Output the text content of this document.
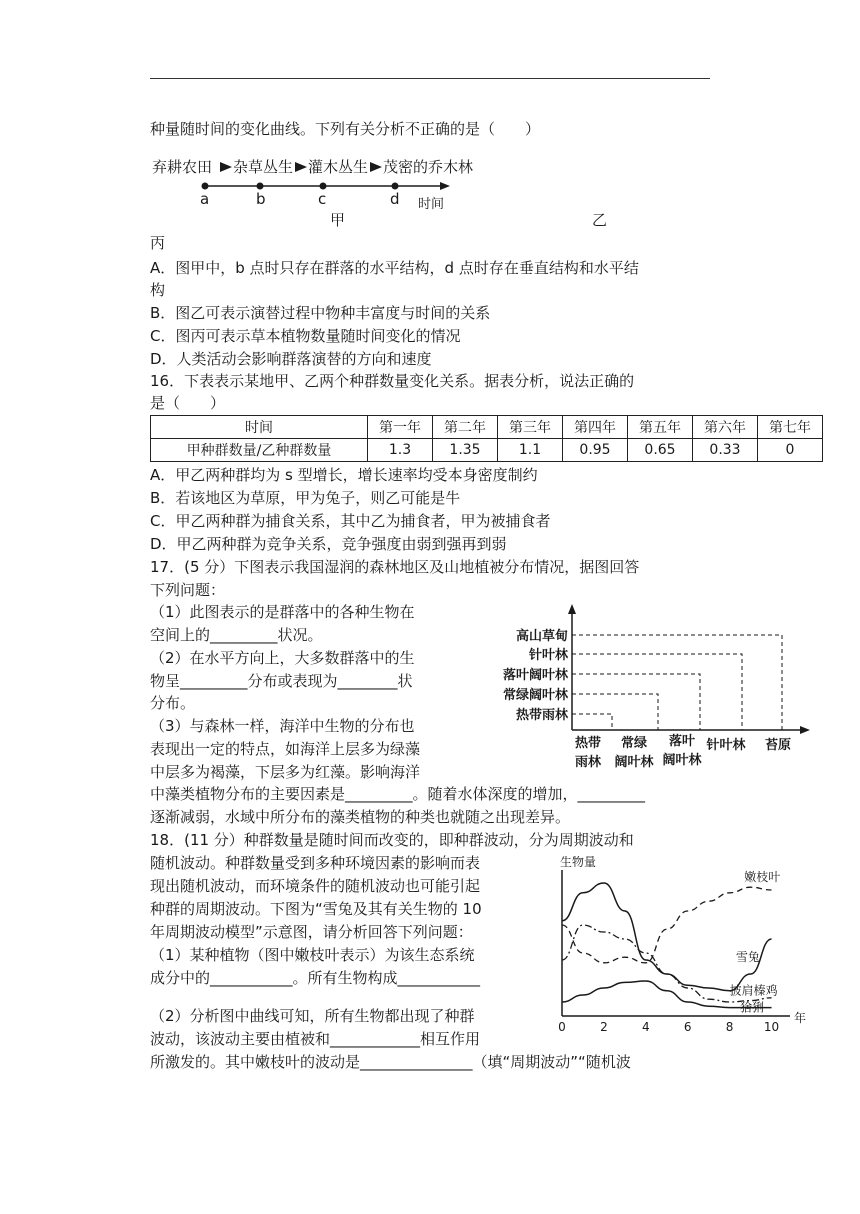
种量随时间的变化曲线。下列有关分析不正确的是（　　）
弃耕农田 杂草丛生 灌木丛生 茂密的乔木林
a	b	c	d 时间
甲	乙
丙
A．图甲中，b 点时只存在群落的水平结构，d 点时存在垂直结构和水平结
构
B．图乙可表示演替过程中物种丰富度与时间的关系
C．图丙可表示草本植物数量随时间变化的情况
D．人类活动会影响群落演替的方向和速度
16．下表表示某地甲、乙两个种群数量变化关系。据表分析，说法正确的
是（　　）
时间	第一年	第二年	第三年	第四年	第五年	第六年	第七年
甲种群数量/乙种群数量	1.3	1.35	1.1	0.95	0.65	0.33	0
A．甲乙两种群均为 s 型增长，增长速率均受本身密度制约
B．若该地区为草原，甲为兔子，则乙可能是牛
C．甲乙两种群为捕食关系，其中乙为捕食者，甲为被捕食者
D．甲乙两种群为竞争关系，竞争强度由弱到强再到弱
17．(5 分）下图表示我国湿润的森林地区及山地植被分布情况，据图回答
下列问题：
（1）此图表示的是群落中的各种生物在
空间上的_________状况。
（2）在水平方向上，大多数群落中的生
物呈_________分布或表现为________状
分布。
（3）与森林一样，海洋中生物的分布也
表现出一定的特点，如海洋上层多为绿藻
中层多为褐藻，下层多为红藻。影响海洋
中藻类植物分布的主要因素是_________。随着水体深度的增加，_________
逐渐减弱，水域中所分布的藻类植物的种类也就随之出现差异。
高山草甸
针叶林
落叶阔叶林
常绿阔叶林
热带雨林
热带
雨林
常绿
阔叶林
落叶
阔叶林
针叶林 苔原
18．(11 分）种群数量是随时间而改变的，即种群波动，分为周期波动和
随机波动。种群数量受到多种环境因素的影响而表
现出随机波动，而环境条件的随机波动也可能引起
种群的周期波动。下图为“雪兔及其有关生物的 10
年周期波动模型”示意图，请分析回答下列问题：
（1）某种植物（图中嫩枝叶表示）为该生态系统
成分中的___________。所有生物构成___________
（2）分析图中曲线可知，所有生物都出现了种群
波动，该波动主要由植被和____________相互作用
所激发的。其中嫩枝叶的波动是_______________（填“周期波动”“随机波
生物量
年
0	2	4	6	8	10
嫩枝叶
雪兔
披肩榛鸡
猞猁
